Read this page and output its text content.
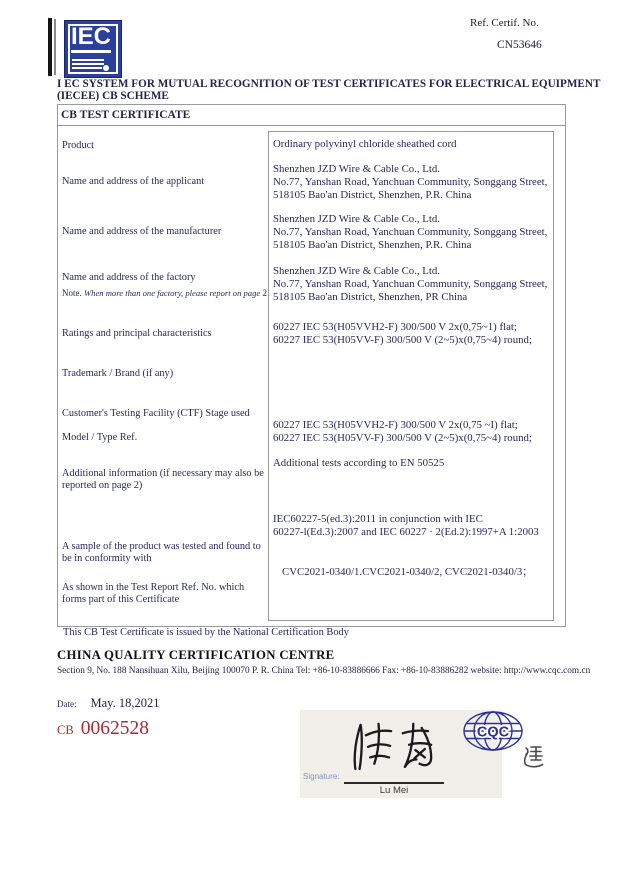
IEC	Ref. Certif. No.
CN53646
I EC SYSTEM FOR MUTUAL RECOGNITION OF TEST CERTIFICATES FOR ELECTRICAL EQUIPMENT
(IECEE) CB SCHEME
CB TEST CERTIFICATE
Product
Name and address of the applicant
Name and address of the manufacturer
Name and address of the factory
Note. When more than one factory, please report on page 2
Ratings and principal characteristics
Trademark / Brand (if any)
Customer's Testing Facility (CTF) Stage used
Model / Type Ref.
Additional information (if necessary may also be reported on page 2)
A sample of the product was tested and found to be in conformity with
As shown in the Test Report Ref. No. which forms part of this Certificate
Ordinary polyvinyl chloride sheathed cord
Shenzhen JZD Wire & Cable Co., Ltd.
No.77, Yanshan Road, Yanchuan Community, Songgang Street,
518105 Bao'an District, Shenzhen, P.R. China
Shenzhen JZD Wire & Cable Co., Ltd.
No.77, Yanshan Road, Yanchuan Community, Songgang Street,
518105 Bao'an District, Shenzhen, P.R. China
Shenzhen JZD Wire & Cable Co., Ltd.
No.77, Yanshan Road, Yanchuan Community, Songgang Street,
518105 Bao'an District, Shenzhen, PR China
60227 IEC 53(H05VVH2-F) 300/500 V 2x(0,75~1) flat;
60227 IEC 53(H05VV-F) 300/500 V (2~5)x(0,75~4) round;
60227 IEC 53(H05VVH2-F) 300/500 V 2x(0,75 ~I) flat;
60227 IEC 53(H05VV-F) 300/500 V (2~5)x(0,75~4) round;
Additional tests according to EN 50525
IEC60227-5(ed.3):2011 in conjunction with IEC
60227-l(Ed.3):2007 and IEC 60227 · 2(Ed.2):1997+A 1:2003
CVC2021-0340/1.CVC2021-0340/2, CVC2021-0340/3；
This CB Test Certificate is issued by the National Certification Body
CHINA QUALITY CERTIFICATION CENTRE
Section 9, No. 188 Nansihuan Xilu, Beijing 100070 P. R. China Tel: +86-10-83886666 Fax: +86-10-83886282 website: http://www.cqc.com.cn
Date: May. 18,2021
CB 0062528
Signature:
Lu Mei
CQC
